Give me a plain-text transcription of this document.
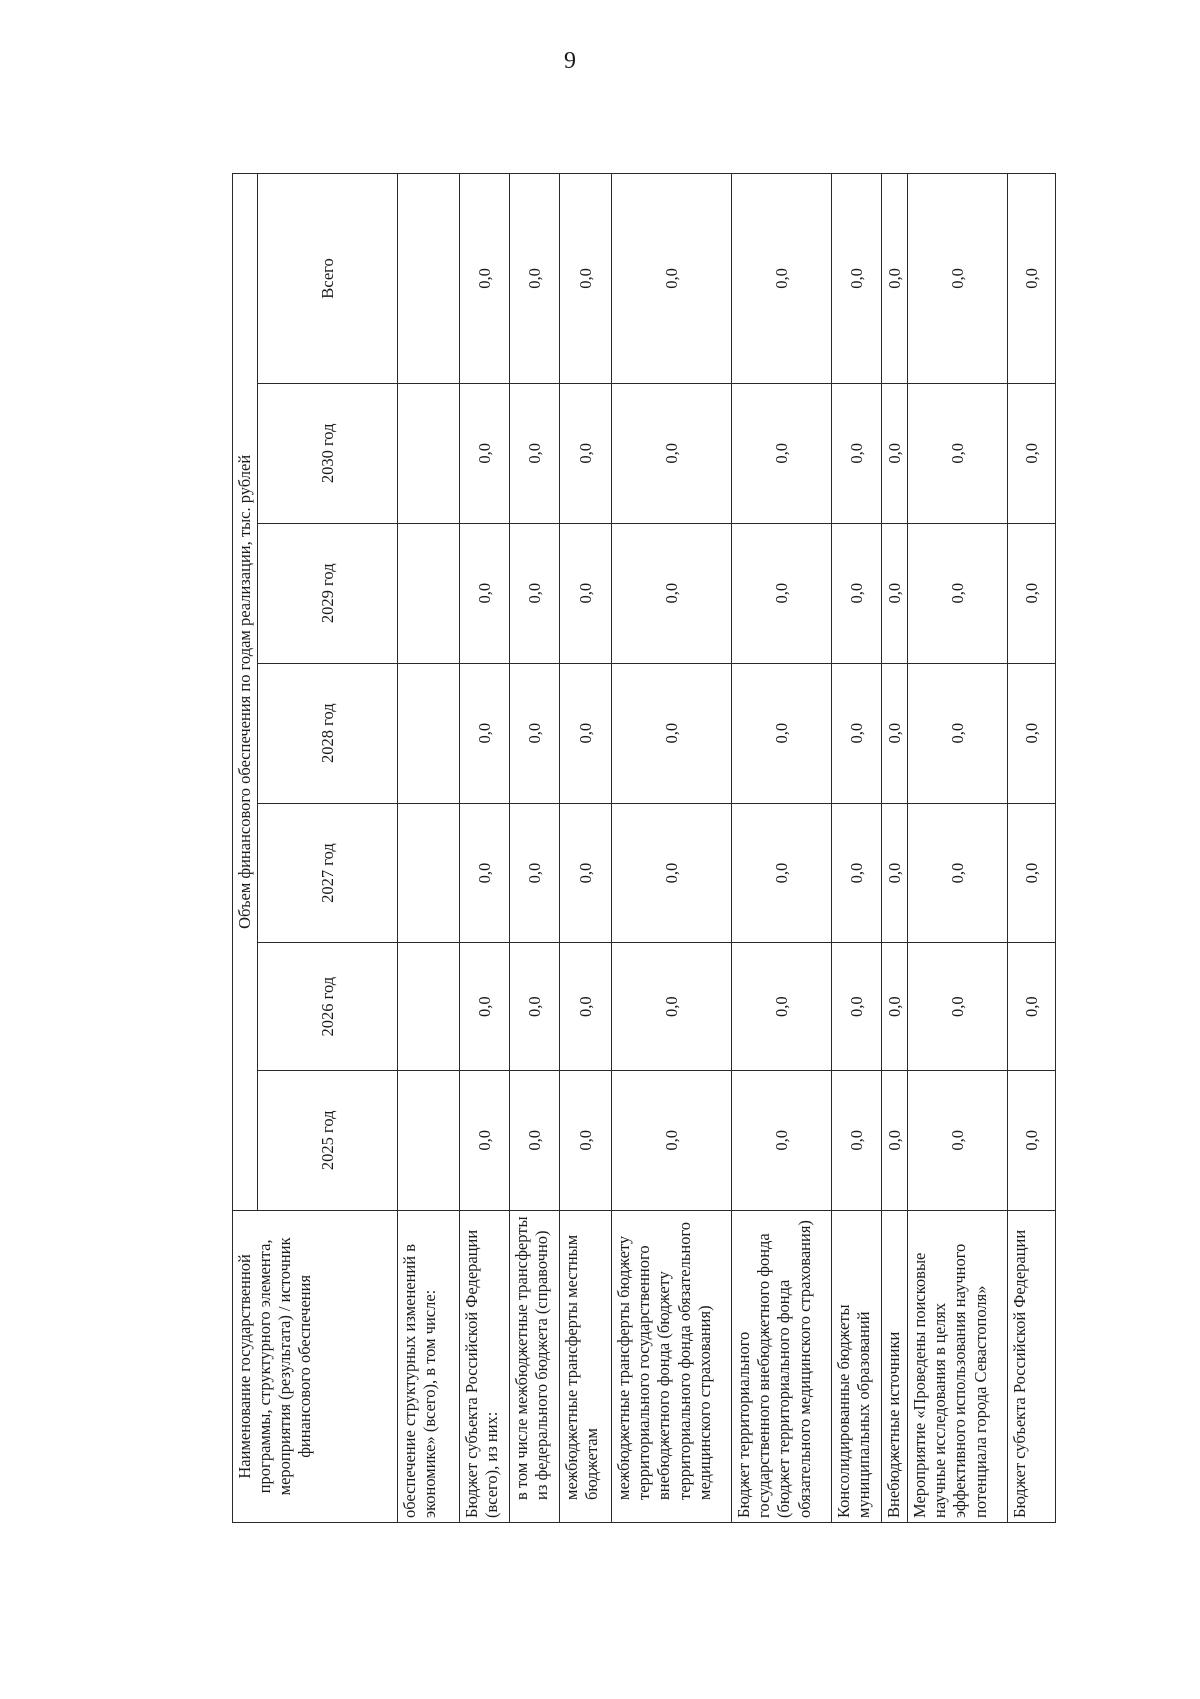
9
Наименование государственной программы, структурного элемента, мероприятия (результата) / источник финансового обеспечения	Объем финансового обеспечения по годам реализации, тыс. рублей						
	2025 год	2026 год	2027 год	2028 год	2029 год	2030 год	Всего
обеспечение структурных изменений в экономике» (всего), в том числе:							
Бюджет субъекта Российской Федерации (всего), из них:	0,0	0,0	0,0	0,0	0,0	0,0	0,0
в том числе межбюджетные трансферты из федерального бюджета (справочно)	0,0	0,0	0,0	0,0	0,0	0,0	0,0
межбюджетные трансферты местным бюджетам	0,0	0,0	0,0	0,0	0,0	0,0	0,0
межбюджетные трансферты бюджету территориального государственного внебюджетного фонда (бюджету территориального фонда обязательного медицинского страхования)	0,0	0,0	0,0	0,0	0,0	0,0	0,0
Бюджет территориального государственного внебюджетного фонда (бюджет территориального фонда обязательного медицинского страхования)	0,0	0,0	0,0	0,0	0,0	0,0	0,0
Консолидированные бюджеты муниципальных образований	0,0	0,0	0,0	0,0	0,0	0,0	0,0
Внебюджетные источники	0,0	0,0	0,0	0,0	0,0	0,0	0,0
Мероприятие «Проведены поисковые научные исследования в целях эффективного использования научного потенциала города Севастополя»	0,0	0,0	0,0	0,0	0,0	0,0	0,0
Бюджет субъекта Российской Федерации	0,0	0,0	0,0	0,0	0,0	0,0	0,0
